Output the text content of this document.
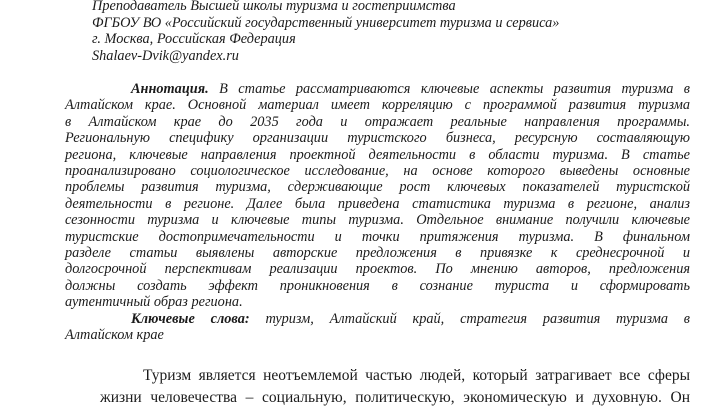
Преподаватель Высшей школы туризма и гостеприимства
ФГБОУ ВО «Российский государственный университет туризма и сервиса»
г. Москва, Российская Федерация
Shalaev-Dvik@yandex.ru
Аннотация. В статье рассматриваются ключевые аспекты развития туризма в
Алтайском крае. Основной материал имеет корреляцию с программой развития туризма
в Алтайском крае до 2035 года и отражает реальные направления программы.
Региональную специфику организации туристского бизнеса, ресурсную составляющую
региона, ключевые направления проектной деятельности в области туризма. В статье
проанализировано социологическое исследование, на основе которого выведены основные
проблемы развития туризма, сдерживающие рост ключевых показателей туристской
деятельности в регионе. Далее была приведена статистика туризма в регионе, анализ
сезонности туризма и ключевые типы туризма. Отдельное внимание получили ключевые
туристские достопримечательности и точки притяжения туризма. В финальном
разделе статьи выявлены авторские предложения в привязке к среднесрочной и
долгосрочной перспективам реализации проектов. По мнению авторов, предложения
должны создать эффект проникновения в сознание туриста и сформировать
аутентичный образ региона.
Ключевые слова: туризм, Алтайский край, стратегия развития туризма в
Алтайском крае
Туризм является неотъемлемой частью людей, который затрагивает все сферы
жизни человечества – социальную, политическую, экономическую и духовную. Он
